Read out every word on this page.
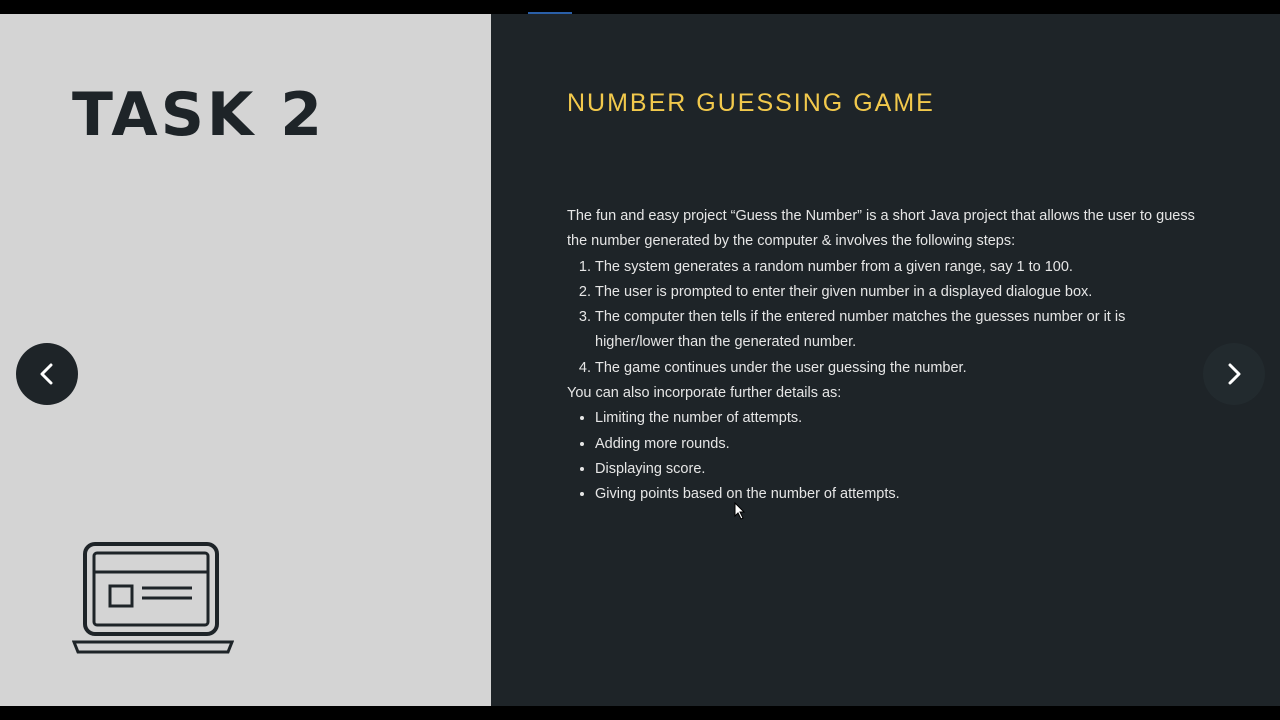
TASK 2	NUMBER GUESSING GAME

The fun and easy project “Guess the Number” is a short Java project that allows the user to guess the number generated by the computer & involves the following steps:

1. The system generates a random number from a given range, say 1 to 100.
2. The user is prompted to enter their given number in a displayed dialogue box.
3. The computer then tells if the entered number matches the guesses number or it is higher/lower than the generated number.
4. The game continues under the user guessing the number.

You can also incorporate further details as:

• Limiting the number of attempts.
• Adding more rounds.
• Displaying score.
• Giving points based on the number of attempts.
